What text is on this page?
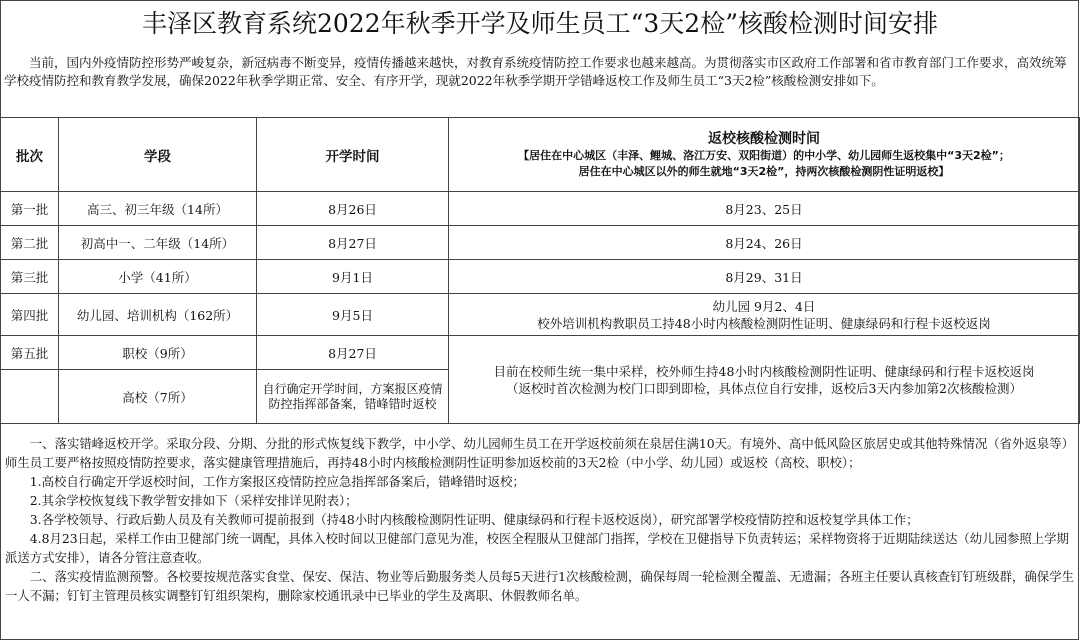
丰泽区教育系统2022年秋季开学及师生员工“3天2检”核酸检测时间安排
当前，国内外疫情防控形势严峻复杂，新冠病毒不断变异，疫情传播越来越快，对教育系统疫情防控工作要求也越来越高。为贯彻落实市区政府工作部署和省市教育部门工作要求，高效统筹学校疫情防控和教育教学发展，确保2022年秋季学期正常、安全、有序开学，现就2022年秋季学期开学错峰返校工作及师生员工“3天2检”核酸检测安排如下。
批次	学段	开学时间	返校核酸检测时间
【居住在中心城区（丰泽、鲤城、洛江万安、双阳街道）的中小学、幼儿园师生返校集中“3天2检”；
居住在中心城区以外的师生就地“3天2检”，持两次核酸检测阴性证明返校】

第一批	高三、初三年级（14所）	8月26日	8月23、25日
第二批	初高中一、二年级（14所）	8月27日	8月24、26日
第三批	小学（41所）	9月1日	8月29、31日
第四批	幼儿园、培训机构（162所）	9月5日	幼儿园 9月2、4日
校外培训机构教职员工持48小时内核酸检测阴性证明、健康绿码和行程卡返校返岗

第五批	职校（9所）	8月27日	目前在校师生统一集中采样，校外师生持48小时内核酸检测阴性证明、健康绿码和行程卡返校返岗
（返校时首次检测为校门口即到即检，具体点位自行安排，返校后3天内参加第2次核酸检测）

	高校（7所）	自行确定开学时间，方案报区疫情防控指挥部备案，错峰错时返校	

一、落实错峰返校开学。采取分段、分期、分批的形式恢复线下教学，中小学、幼儿园师生员工在开学返校前须在泉居住满10天。有境外、高中低风险区旅居史或其他特殊情况（省外返泉等）师生员工要严格按照疫情防控要求，落实健康管理措施后，再持48小时内核酸检测阴性证明参加返校前的3天2检（中小学、幼儿园）或返校（高校、职校）；

1.高校自行确定开学返校时间，工作方案报区疫情防控应急指挥部备案后，错峰错时返校；

2.其余学校恢复线下教学暂安排如下（采样安排详见附表）；

3.各学校领导、行政后勤人员及有关教师可提前报到（持48小时内核酸检测阴性证明、健康绿码和行程卡返校返岗），研究部署学校疫情防控和返校复学具体工作；

4.8月23日起，采样工作由卫健部门统一调配，具体入校时间以卫健部门意见为准，校医全程服从卫健部门指挥，学校在卫健指导下负责转运；采样物资将于近期陆续送达（幼儿园参照上学期派送方式安排），请各分管注意查收。

二、落实疫情监测预警。各校要按规范落实食堂、保安、保洁、物业等后勤服务类人员每5天进行1次核酸检测，确保每周一轮检测全覆盖、无遗漏；各班主任要认真核查钉钉班级群，确保学生一人不漏；钉钉主管理员核实调整钉钉组织架构，删除家校通讯录中已毕业的学生及离职、休假教师名单。
